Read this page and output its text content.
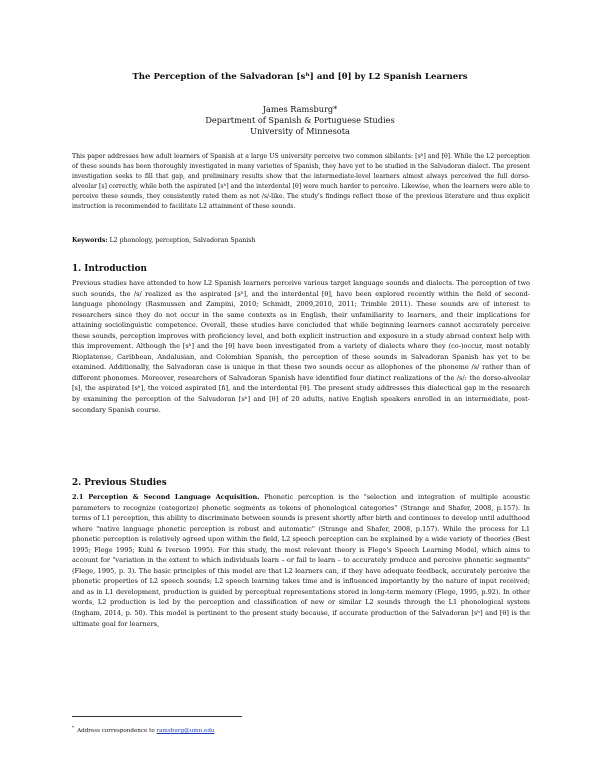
The Perception of the Salvadoran [sʰ] and [θ] by L2 Spanish Learners
James Ramsburg*
Department of Spanish & Portuguese Studies
University of Minnesota
This paper addresses how adult learners of Spanish at a large US university perceive two common sibilants: [sʰ] and [θ]. While the L2 perception of these sounds has been thoroughly investigated in many varieties of Spanish, they have yet to be studied in the Salvadoran dialect. The present investigation seeks to fill that gap, and preliminary results show that the intermediate-level learners almost always perceived the full dorso-alveolar [s] correctly, while both the aspirated [sʰ] and the interdental [θ] were much harder to perceive. Likewise, when the learners were able to perceive these sounds, they consistently rated them as not /s/-like. The study's findings reflect those of the previous literature and thus explicit instruction is recommended to facilitate L2 attainment of these sounds.
Keywords: L2 phonology, perception, Salvadoran Spanish
1. Introduction
Previous studies have attended to how L2 Spanish learners perceive various target language sounds and dialects. The perception of two such sounds, the /s/ realized as the aspirated [sʰ], and the interdental [θ], have been explored recently within the field of second-language phonology (Rasmussen and Zampini, 2010; Schmidt, 2009,2010, 2011; Trimble 2011). These sounds are of interest to researchers since they do not occur in the same contexts as in English, their unfamiliarity to learners, and their implications for attaining sociolinguistic competence. Overall, these studies have concluded that while beginning learners cannot accurately perceive these sounds, perception improves with proficiency level, and both explicit instruction and exposure in a study abroad context help with this improvement. Although the [sʰ] and the [θ] have been investigated from a variety of dialects where they (co-)occur, most notably Rioplatense, Caribbean, Andalusian, and Colombian Spanish, the perception of these sounds in Salvadoran Spanish has yet to be examined. Additionally, the Salvadoran case is unique in that these two sounds occur as allophones of the phoneme /s/ rather than of different phonemes. Moreover, researchers of Salvadoran Spanish have identified four distinct realizations of the /s/: the dorso-alveolar [s], the aspirated [sʰ], the voiced aspirated [ɦ], and the interdental [θ]. The present study addresses this dialectical gap in the research by examining the perception of the Salvadoran [sʰ] and [θ] of 20 adults, native English speakers enrolled in an intermediate, post-secondary Spanish course.
2. Previous Studies
2.1 Perception & Second Language Acquisition. Phonetic perception is the "selection and integration of multiple acoustic parameters to recognize (categorize) phonetic segments as tokens of phonological categories" (Strange and Shafer, 2008, p.157). In terms of L1 perception, this ability to discriminate between sounds is present shortly after birth and continues to develop until adulthood where "native language phonetic perception is robust and automatic" (Strange and Shafer, 2008, p.157). While the process for L1 phonetic perception is relatively agreed upon within the field, L2 speech perception can be explained by a wide variety of theories (Best 1995; Flege 1995; Kuhl & Iverson 1995). For this study, the most relevant theory is Flege's Speech Learning Model, which aims to account for "variation in the extent to which individuals learn – or fail to learn – to accurately produce and perceive phonetic segments" (Flege, 1995, p. 3). The basic principles of this model are that L2 learners can, if they have adequate feedback, accurately perceive the phonetic properties of L2 speech sounds; L2 speech learning takes time and is influenced importantly by the nature of input received; and as in L1 development, production is guided by perceptual representations stored in long-term memory (Flege, 1995, p.92). In other words, L2 production is led by the perception and classification of new or similar L2 sounds through the L1 phonological system (Ingham, 2014, p. 50). This model is pertinent to the present study because, if accurate production of the Salvadoran [sʰ] and [θ] is the ultimate goal for learners,
*Address correspondence to ramsburg@umn.edu
